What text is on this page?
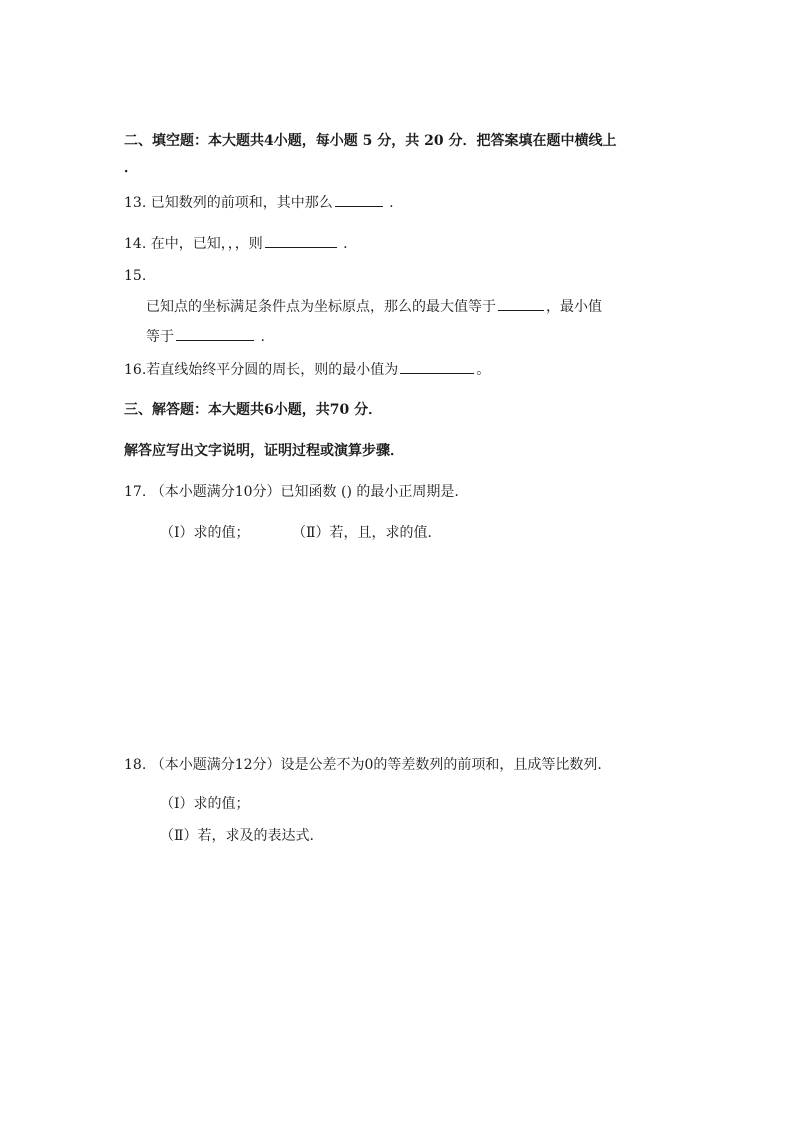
二、填空题：本大题共4小题，每小题 5 分，共 20 分．把答案填在题中横线上
．
13. 已知数列的前项和，其中那么	.
14. 在中，已知，，，则	.
15.
已知点的坐标满足条件点为坐标原点，那么的最大值等于	，最小值
等于	.
16.若直线始终平分圆的周长，则的最小值为	。
三、解答题：本大题共6小题，共70 分．
解答应写出文字说明，证明过程或演算步骤．
17. （本小题满分10分）已知函数 () 的最小正周期是.
（Ⅰ）求的值；	（Ⅱ）若，且，求的值.
18. （本小题满分12分）设是公差不为0的等差数列的前项和，且成等比数列.
（Ⅰ）求的值；
（Ⅱ）若，求及的表达式.
